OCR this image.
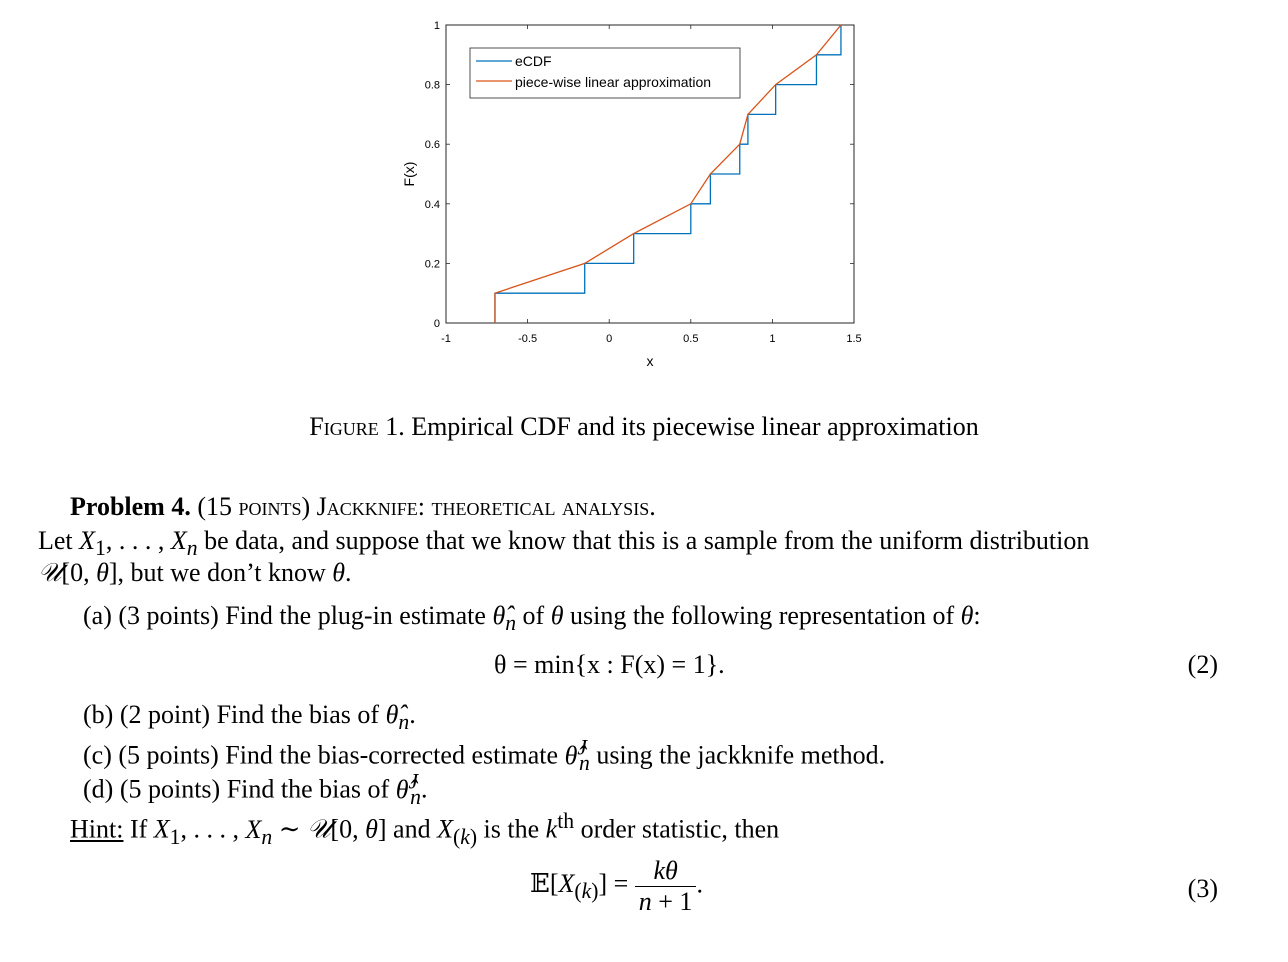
-1	-0.5	0	0.5	1	1.5
0
0.2
0.4
0.6
0.8
1
x
F(x)
eCDF
piece-wise linear approximation
Figure 1. Empirical CDF and its piecewise linear approximation
Problem 4. (15 points) Jackknife: theoretical analysis.
Let $X_1$, . . . , $X_n$ be data, and suppose that we know that this is a sample from the uniform distribution
𝒰[0, θ], but we don’t know θ.
(a) (3 points) Find the plug-in estimate $\thetâ_n$ of θ using the following representation of θ:
θ = min{x : F(x) = 1}.	(2)
(b) (2 point) Find the bias of $\thetâ_n$.
(c) (5 points) Find the bias-corrected estimate θ̂$^J_n$ using the jackknife method.
(d) (5 points) Find the bias of θ̂$^J_n$.
Hint: If $X_1$, . . . , $X_n$ ∼ 𝒰[0, θ] and $X_{(k)}$ is the $k^{th}$ order statistic, then
$𝔼[X_{(k)}] = \frac{k\theta}{n + 1}$ .	(3)
